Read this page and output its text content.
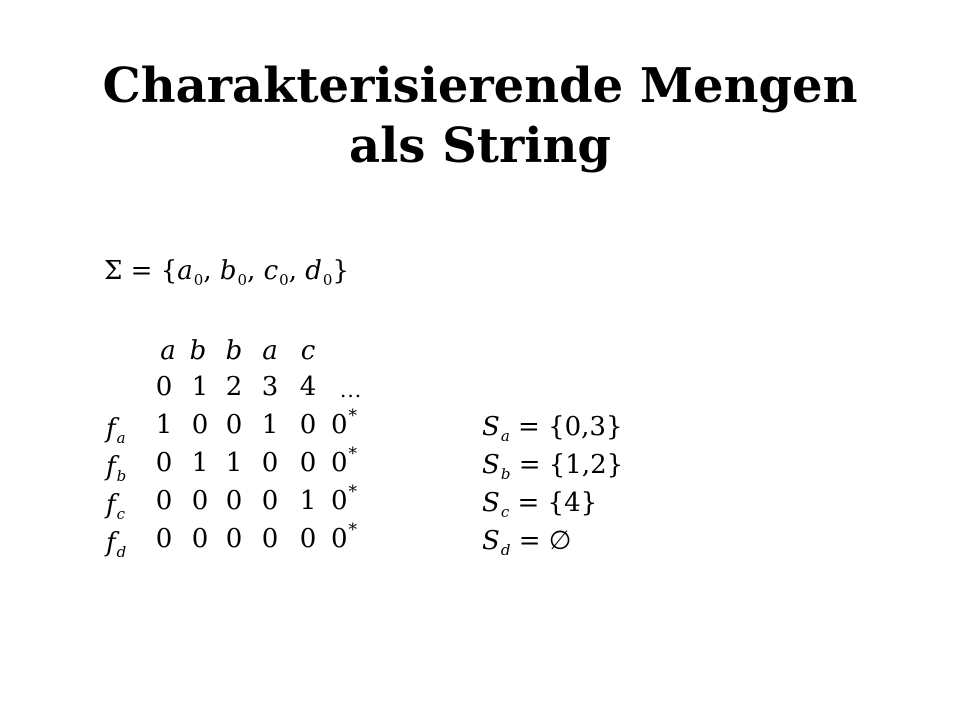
Charakterisierende Mengen
als String
$\Sigma = \{a_0$, $b_0$, $c_0$, $d_0$}
a b b a c
0 1 2 3 4	...
$f_a$	1 0 0 1 0 0*	$S_a = \{0,3\}$
$f_b$	0 1 1 0 0 0*	$S_b = \{1,2\}$
$f_c$	0 0 0 0 1 0*	$S_c = \{4\}$
$f_d$	0 0 0 0 0 0*	$S_d$ = ∅
